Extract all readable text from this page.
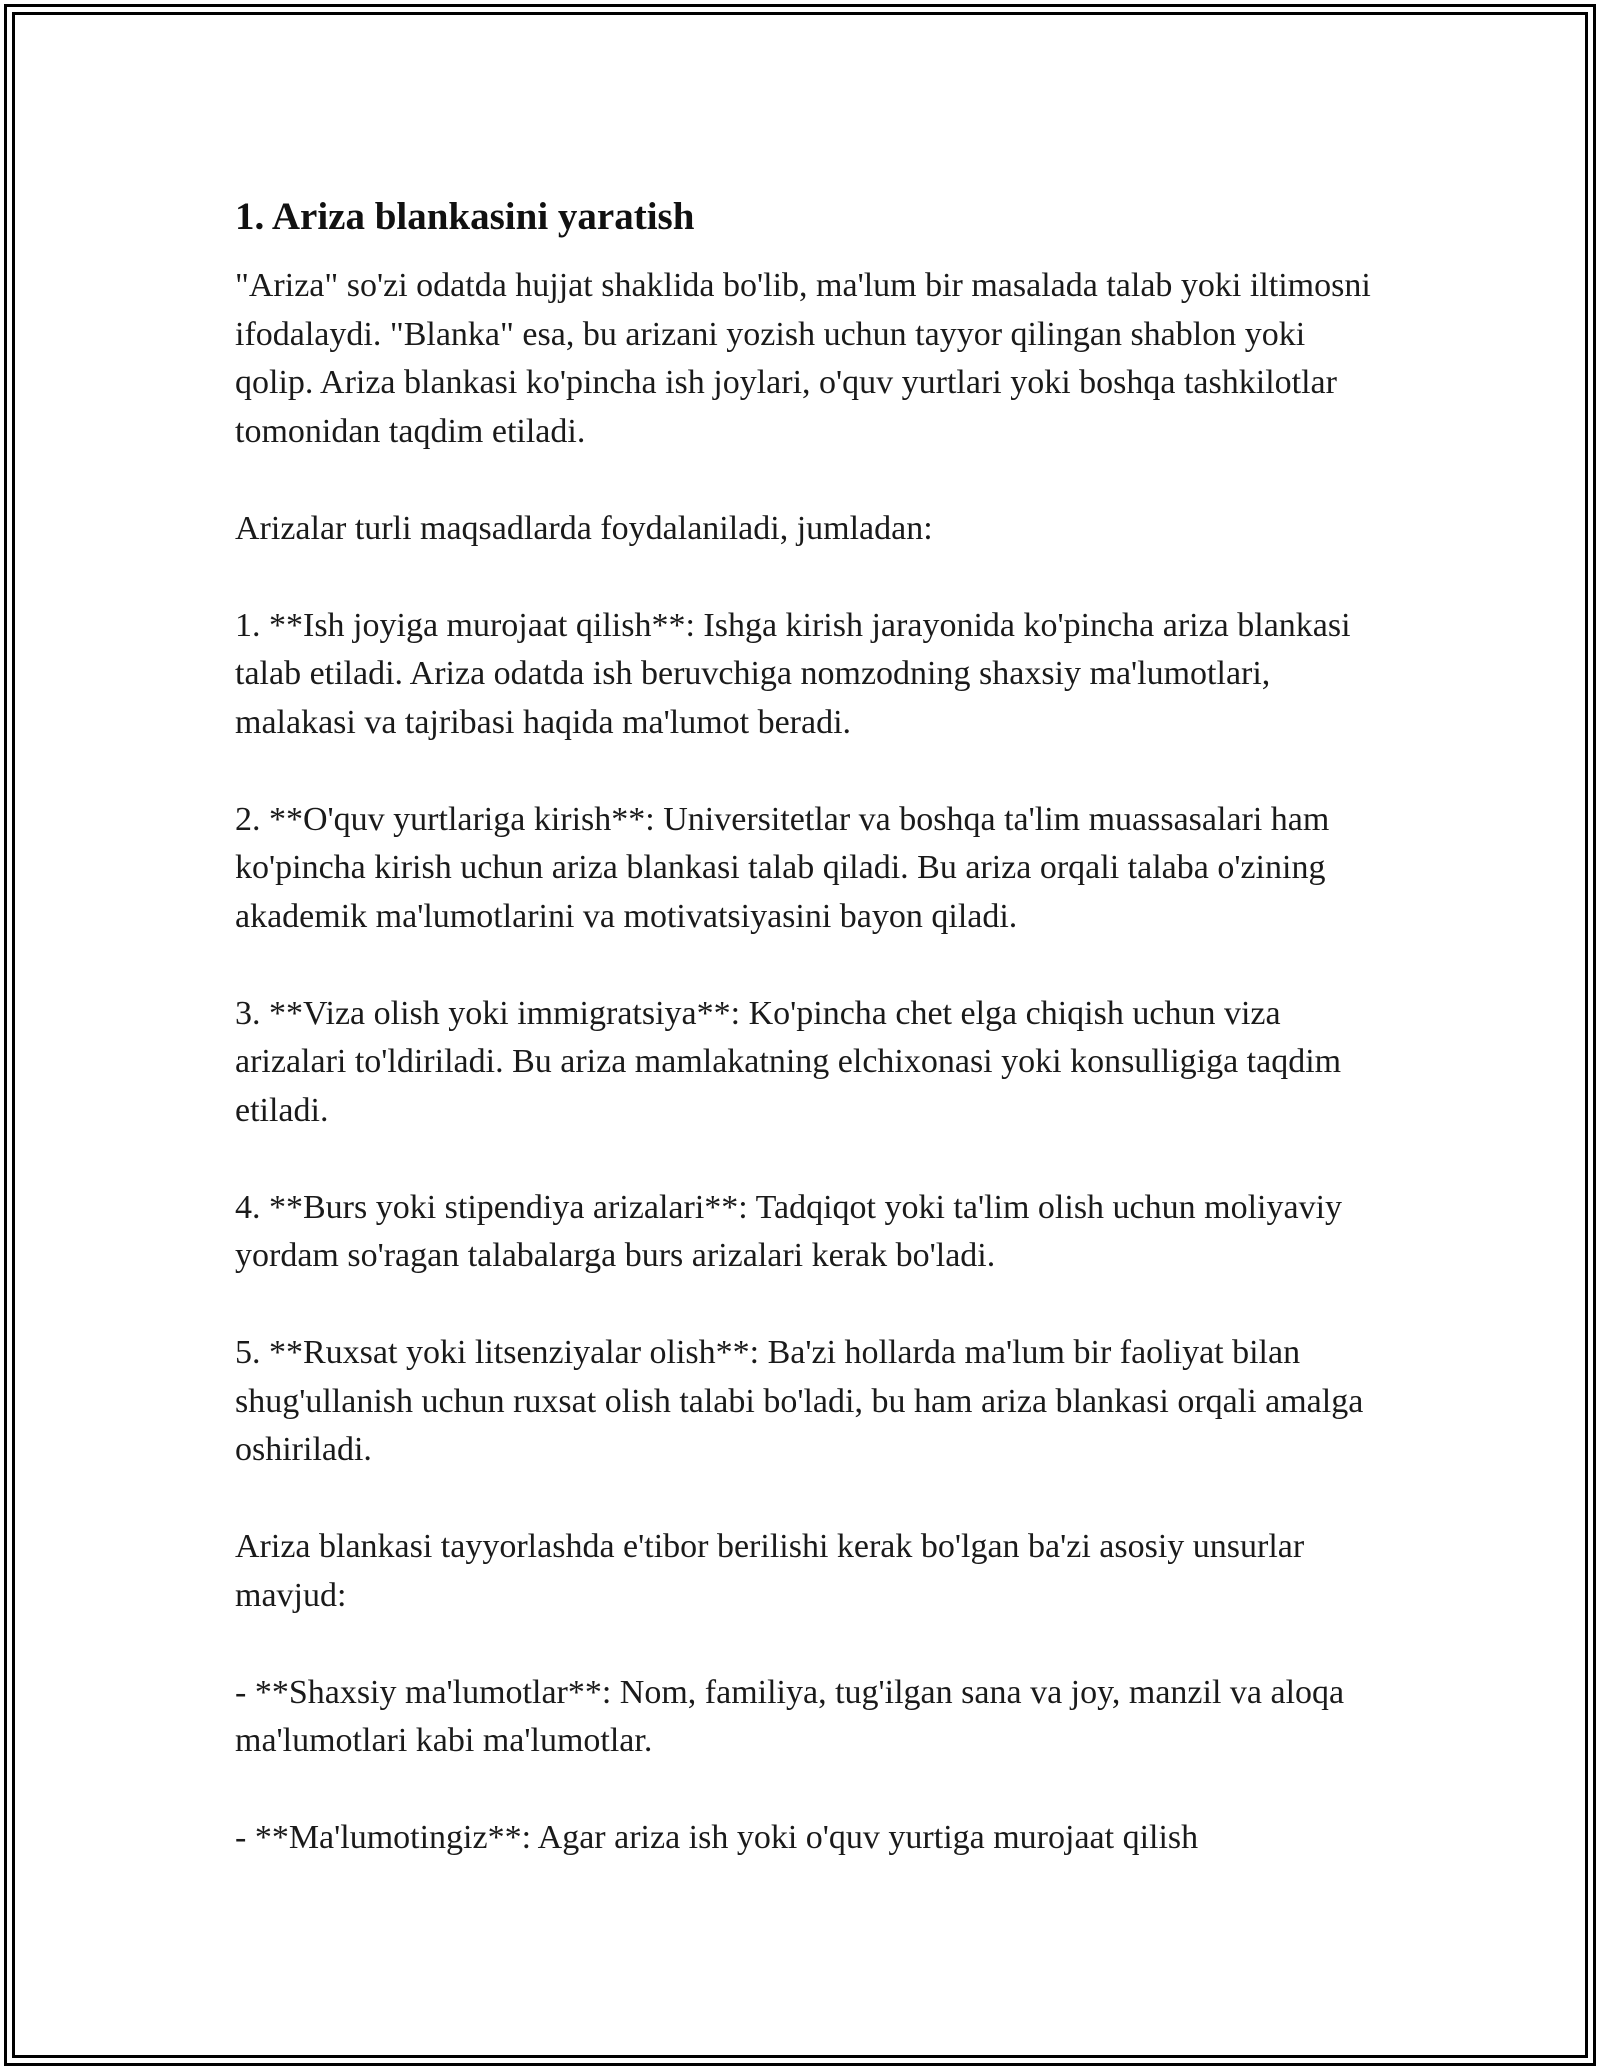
1. Ariza blankasini yaratish

"Ariza" so'zi odatda hujjat shaklida bo'lib, ma'lum bir masalada talab yoki iltimosni ifodalaydi. "Blanka" esa, bu arizani yozish uchun tayyor qilingan shablon yoki qolip. Ariza blankasi ko'pincha ish joylari, o'quv yurtlari yoki boshqa tashkilotlar tomonidan taqdim etiladi.

Arizalar turli maqsadlarda foydalaniladi, jumladan:

1. **Ish joyiga murojaat qilish**: Ishga kirish jarayonida ko'pincha ariza blankasi talab etiladi. Ariza odatda ish beruvchiga nomzodning shaxsiy ma'lumotlari, malakasi va tajribasi haqida ma'lumot beradi.

2. **O'quv yurtlariga kirish**: Universitetlar va boshqa ta'lim muassasalari ham ko'pincha kirish uchun ariza blankasi talab qiladi. Bu ariza orqali talaba o'zining akademik ma'lumotlarini va motivatsiyasini bayon qiladi.

3. **Viza olish yoki immigratsiya**: Ko'pincha chet elga chiqish uchun viza arizalari to'ldiriladi. Bu ariza mamlakatning elchixonasi yoki konsulligiga taqdim etiladi.

4. **Burs yoki stipendiya arizalari**: Tadqiqot yoki ta'lim olish uchun moliyaviy yordam so'ragan talabalarga burs arizalari kerak bo'ladi.

5. **Ruxsat yoki litsenziyalar olish**: Ba'zi hollarda ma'lum bir faoliyat bilan shug'ullanish uchun ruxsat olish talabi bo'ladi, bu ham ariza blankasi orqali amalga oshiriladi.

Ariza blankasi tayyorlashda e'tibor berilishi kerak bo'lgan ba'zi asosiy unsurlar mavjud:

- **Shaxsiy ma'lumotlar**: Nom, familiya, tug'ilgan sana va joy, manzil va aloqa ma'lumotlari kabi ma'lumotlar.

- **Ma'lumotingiz**: Agar ariza ish yoki o'quv yurtiga murojaat qilish
